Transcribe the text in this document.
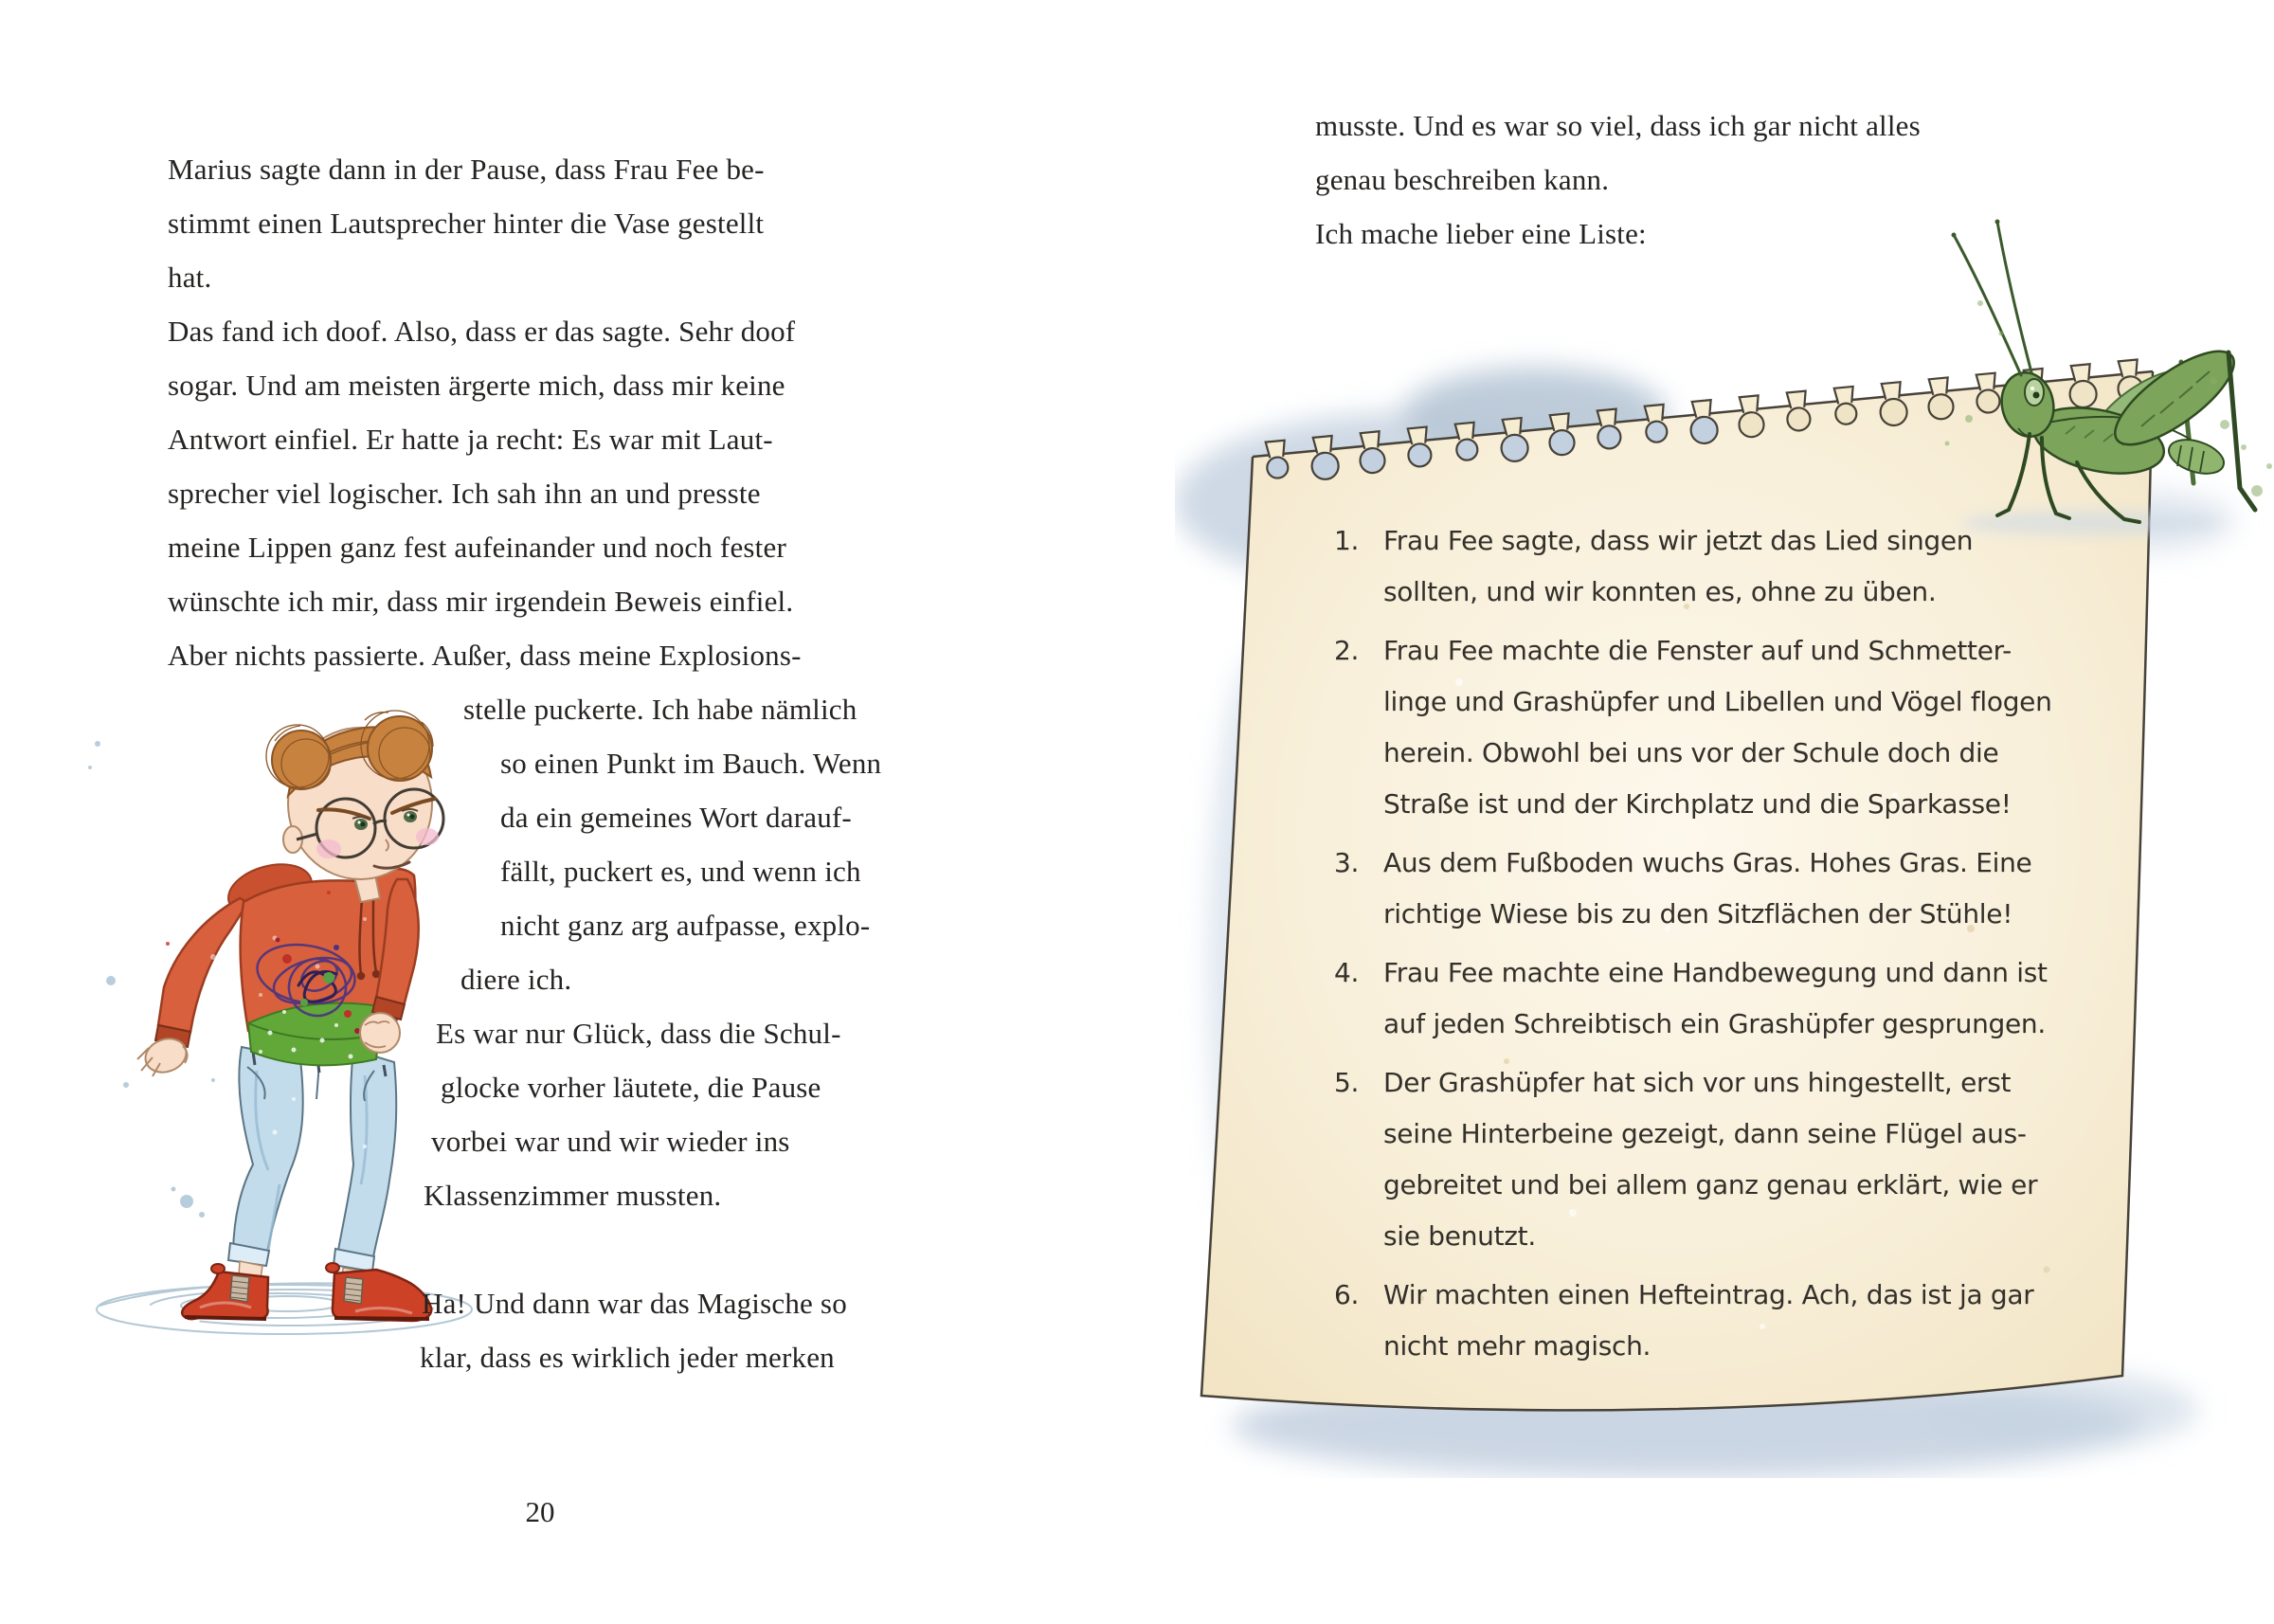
Marius sagte dann in der Pause, dass Frau Fee be-
stimmt einen Lautsprecher hinter die Vase gestellt
hat.
Das fand ich doof. Also, dass er das sagte. Sehr doof
sogar. Und am meisten ärgerte mich, dass mir keine
Antwort einfiel. Er hatte ja recht: Es war mit Laut-
sprecher viel logischer. Ich sah ihn an und presste
meine Lippen ganz fest aufeinander und noch fester
wünschte ich mir, dass mir irgendein Beweis einfiel.
Aber nichts passierte. Außer, dass meine Explosions-
stelle puckerte. Ich habe nämlich
so einen Punkt im Bauch. Wenn
da ein gemeines Wort darauf-
fällt, puckert es, und wenn ich
nicht ganz arg aufpasse, explo-
diere ich.
Es war nur Glück, dass die Schul-
glocke vorher läutete, die Pause
vorbei war und wir wieder ins
Klassenzimmer mussten.
Ha! Und dann war das Magische so
klar, dass es wirklich jeder merken
20
musste. Und es war so viel, dass ich gar nicht alles
genau beschreiben kann.
Ich mache lieber eine Liste:
1. Frau Fee sagte, dass wir jetzt das Lied singen
sollten, und wir konnten es, ohne zu üben.
2. Frau Fee machte die Fenster auf und Schmetter-
linge und Grashüpfer und Libellen und Vögel flogen
herein. Obwohl bei uns vor der Schule doch die
Straße ist und der Kirchplatz und die Sparkasse!
3. Aus dem Fußboden wuchs Gras. Hohes Gras. Eine
richtige Wiese bis zu den Sitzflächen der Stühle!
4. Frau Fee machte eine Handbewegung und dann ist
auf jeden Schreibtisch ein Grashüpfer gesprungen.
5. Der Grashüpfer hat sich vor uns hingestellt, erst
seine Hinterbeine gezeigt, dann seine Flügel aus-
gebreitet und bei allem ganz genau erklärt, wie er
sie benutzt.
6. Wir machten einen Hefteintrag. Ach, das ist ja gar
nicht mehr magisch.
